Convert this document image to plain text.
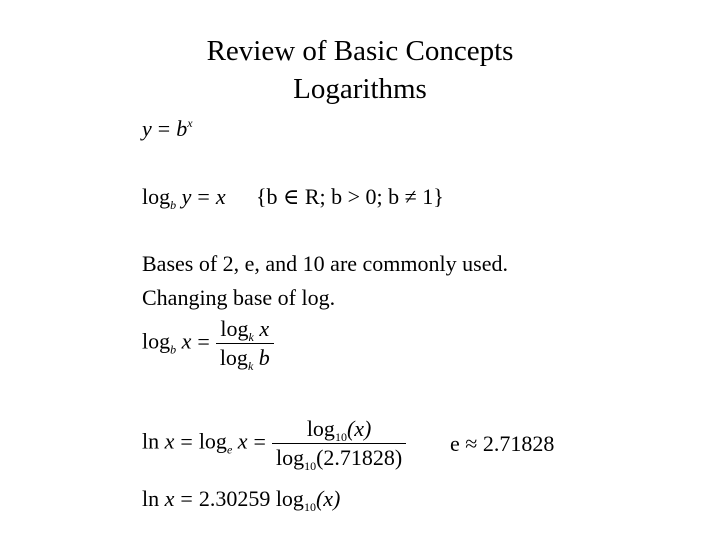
Review of Basic Concepts
Logarithms
$y = b^x$
$\log_b y = x$ {b ∈ R; b > 0; b ≠ 1}
Bases of 2, e, and 10 are commonly used.
Changing base of log.
$\log_b x = \frac{\log_k x}{\log_k b}$
$\ln x = \log_e x = \frac{\log_{10}(x)}{\log_{10}(2.71828)}$ e ≈ 2.71828
ln x = 2.30259 $\log_{10}(x)$
